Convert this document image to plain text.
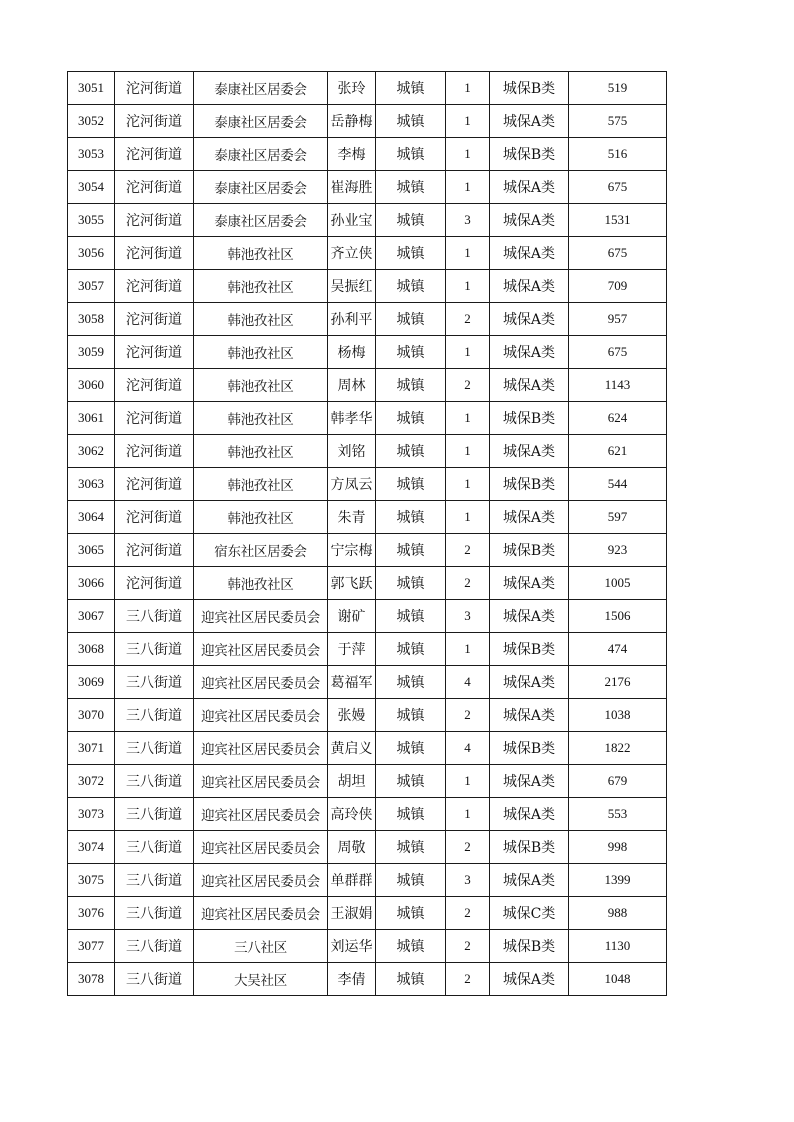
3051	沱河街道	泰康社区居委会	张玲	城镇	1	城保B类	519
3052	沱河街道	泰康社区居委会	岳静梅	城镇	1	城保A类	575
3053	沱河街道	泰康社区居委会	李梅	城镇	1	城保B类	516
3054	沱河街道	泰康社区居委会	崔海胜	城镇	1	城保A类	675
3055	沱河街道	泰康社区居委会	孙业宝	城镇	3	城保A类	1531
3056	沱河街道	韩池孜社区	齐立侠	城镇	1	城保A类	675
3057	沱河街道	韩池孜社区	吴振红	城镇	1	城保A类	709
3058	沱河街道	韩池孜社区	孙利平	城镇	2	城保A类	957
3059	沱河街道	韩池孜社区	杨梅	城镇	1	城保A类	675
3060	沱河街道	韩池孜社区	周林	城镇	2	城保A类	1143
3061	沱河街道	韩池孜社区	韩孝华	城镇	1	城保B类	624
3062	沱河街道	韩池孜社区	刘铭	城镇	1	城保A类	621
3063	沱河街道	韩池孜社区	方凤云	城镇	1	城保B类	544
3064	沱河街道	韩池孜社区	朱青	城镇	1	城保A类	597
3065	沱河街道	宿东社区居委会	宁宗梅	城镇	2	城保B类	923
3066	沱河街道	韩池孜社区	郭飞跃	城镇	2	城保A类	1005
3067	三八街道	迎宾社区居民委员会	谢矿	城镇	3	城保A类	1506
3068	三八街道	迎宾社区居民委员会	于萍	城镇	1	城保B类	474
3069	三八街道	迎宾社区居民委员会	葛福军	城镇	4	城保A类	2176
3070	三八街道	迎宾社区居民委员会	张嫚	城镇	2	城保A类	1038
3071	三八街道	迎宾社区居民委员会	黄启义	城镇	4	城保B类	1822
3072	三八街道	迎宾社区居民委员会	胡坦	城镇	1	城保A类	679
3073	三八街道	迎宾社区居民委员会	高玲侠	城镇	1	城保A类	553
3074	三八街道	迎宾社区居民委员会	周敬	城镇	2	城保B类	998
3075	三八街道	迎宾社区居民委员会	单群群	城镇	3	城保A类	1399
3076	三八街道	迎宾社区居民委员会	王淑娟	城镇	2	城保C类	988
3077	三八街道	三八社区	刘运华	城镇	2	城保B类	1130
3078	三八街道	大吴社区	李倩	城镇	2	城保A类	1048
